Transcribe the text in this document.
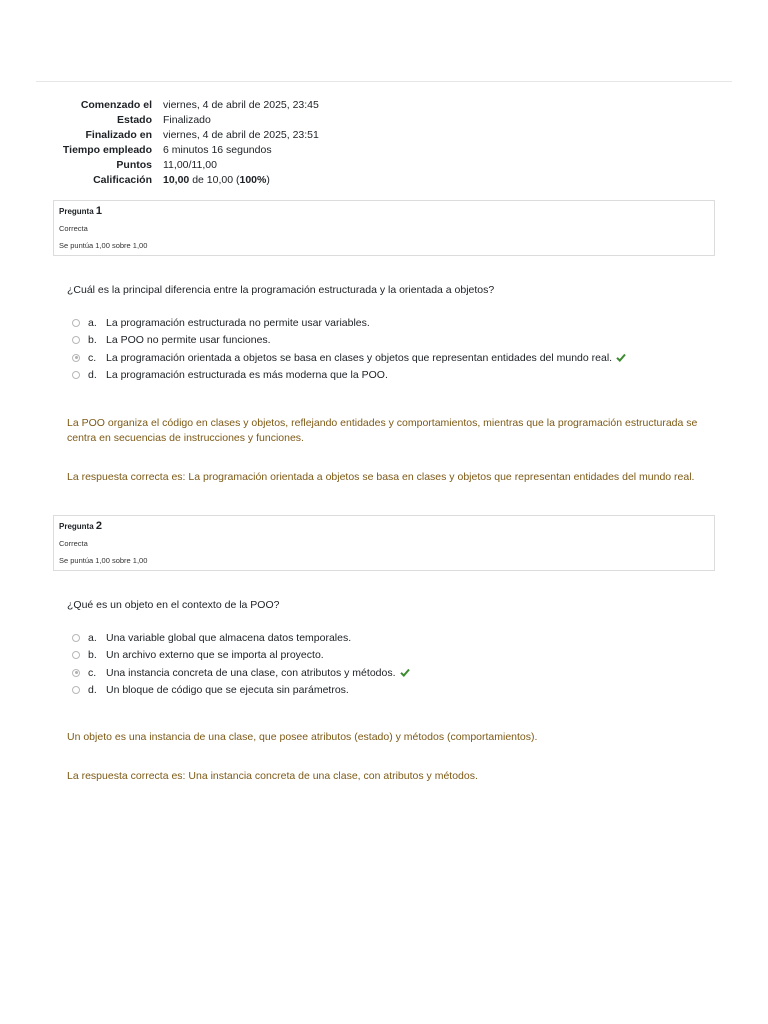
Comenzado el	viernes, 4 de abril de 2025, 23:45
Estado	Finalizado
Finalizado en	viernes, 4 de abril de 2025, 23:51
Tiempo empleado	6 minutos 16 segundos
Puntos	11,00/11,00
Calificación	10,00 de 10,00 (100%)
Pregunta 1
Correcta
Se puntúa 1,00 sobre 1,00
¿Cuál es la principal diferencia entre la programación estructurada y la orientada a objetos?
a. La programación estructurada no permite usar variables.
b. La POO no permite usar funciones.
c. La programación orientada a objetos se basa en clases y objetos que representan entidades del mundo real.
d. La programación estructurada es más moderna que la POO.
La POO organiza el código en clases y objetos, reflejando entidades y comportamientos, mientras que la programación estructurada se centra en secuencias de instrucciones y funciones.
La respuesta correcta es: La programación orientada a objetos se basa en clases y objetos que representan entidades del mundo real.
Pregunta 2
Correcta
Se puntúa 1,00 sobre 1,00
¿Qué es un objeto en el contexto de la POO?
a. Una variable global que almacena datos temporales.
b. Un archivo externo que se importa al proyecto.
c. Una instancia concreta de una clase, con atributos y métodos.
d. Un bloque de código que se ejecuta sin parámetros.
Un objeto es una instancia de una clase, que posee atributos (estado) y métodos (comportamientos).
La respuesta correcta es: Una instancia concreta de una clase, con atributos y métodos.
